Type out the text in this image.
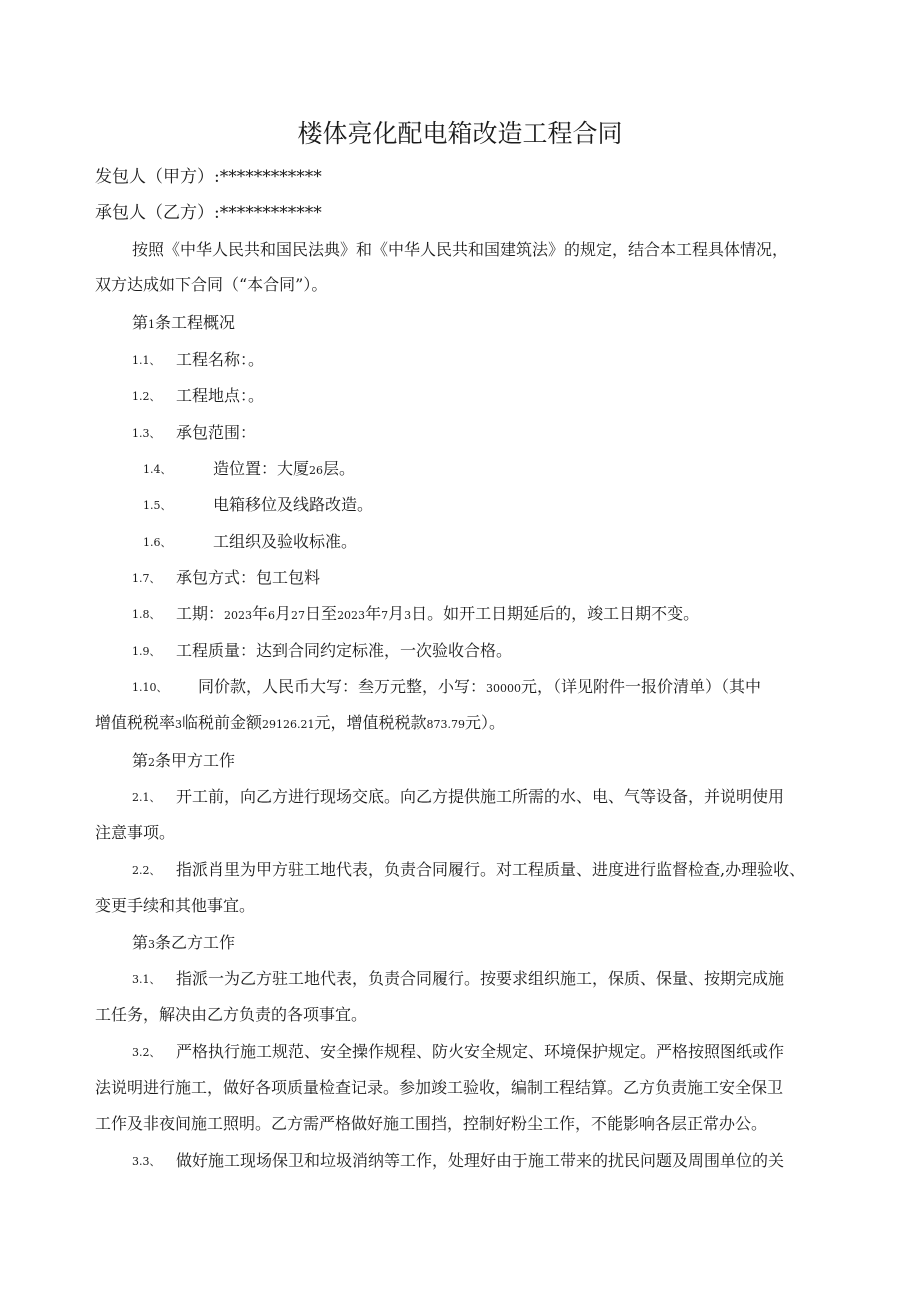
楼体亮化配电箱改造工程合同
发包人（甲方）:************
承包人（乙方）:************
按照《中华人民共和国民法典》和《中华人民共和国建筑法》的规定，结合本工程具体情况，
双方达成如下合同（“本合同”）。
第1条工程概况
1.1、 工程名称：。
1.2、 工程地点：。
1.3、 承包范围：
1.4、	造位置：大厦26层。
1.5、	电箱移位及线路改造。
1.6、	工组织及验收标准。
1.7、 承包方式：包工包料
1.8、 工期：2023年6月27日至2023年7月3日。如开工日期延后的，竣工日期不变。
1.9、 工程质量：达到合同约定标准，一次验收合格。
1.10、 同价款，人民币大写：叁万元整，小写：30000元，（详见附件一报价清单）（其中
增值税税率3临税前金额29126.21元，增值税税款873.79元）。
第2条甲方工作
2.1、 开工前，向乙方进行现场交底。向乙方提供施工所需的水、电、气等设备，并说明使用
注意事项。
2.2、 指派肖里为甲方驻工地代表，负责合同履行。对工程质量、进度进行监督检查,办理验收、
变更手续和其他事宜。
第3条乙方工作
3.1、 指派一为乙方驻工地代表，负责合同履行。按要求组织施工，保质、保量、按期完成施
工任务，解决由乙方负责的各项事宜。
3.2、 严格执行施工规范、安全操作规程、防火安全规定、环境保护规定。严格按照图纸或作
法说明进行施工，做好各项质量检查记录。参加竣工验收，编制工程结算。乙方负责施工安全保卫
工作及非夜间施工照明。乙方需严格做好施工围挡，控制好粉尘工作，不能影响各层正常办公。
3.3、 做好施工现场保卫和垃圾消纳等工作，处理好由于施工带来的扰民问题及周围单位的关
